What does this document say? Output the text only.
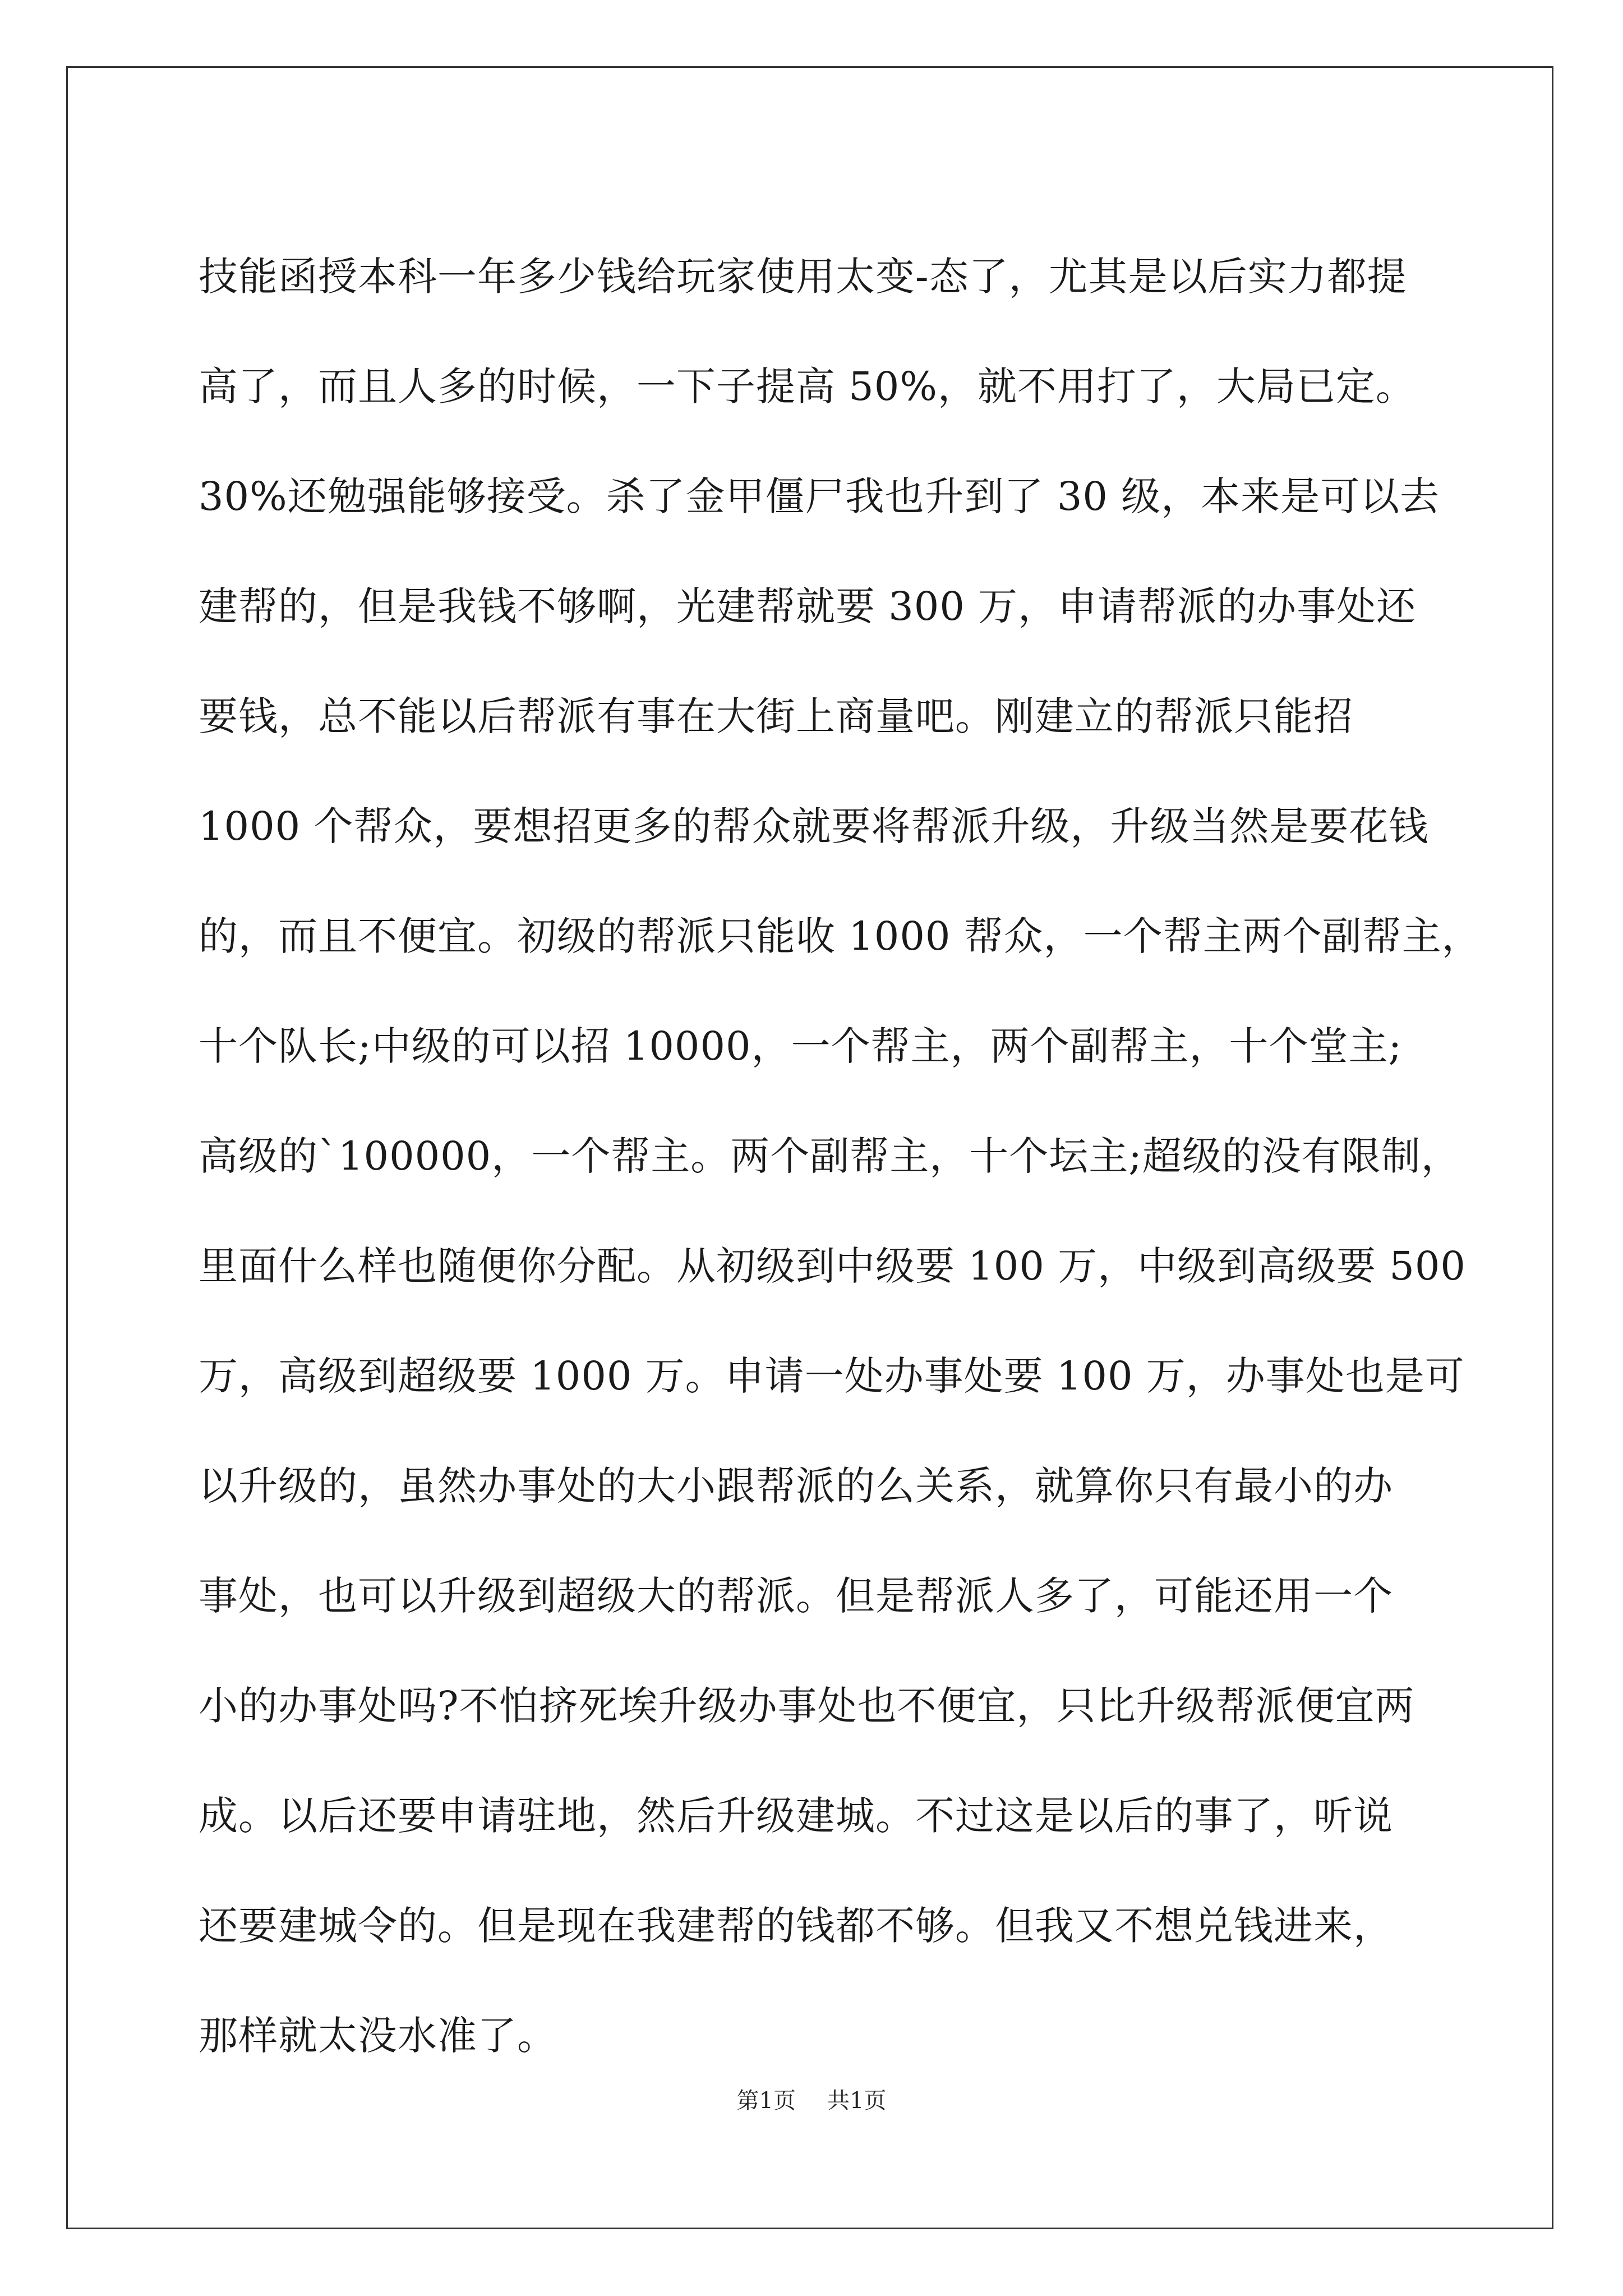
技能函授本科一年多少钱给玩家使用太变-态了，尤其是以后实力都提
高了，而且人多的时候，一下子提高 50%，就不用打了，大局已定。
30%还勉强能够接受。杀了金甲僵尸我也升到了 30 级，本来是可以去
建帮的，但是我钱不够啊，光建帮就要 300 万，申请帮派的办事处还
要钱，总不能以后帮派有事在大街上商量吧。刚建立的帮派只能招
1000 个帮众，要想招更多的帮众就要将帮派升级，升级当然是要花钱
的，而且不便宜。初级的帮派只能收 1000 帮众，一个帮主两个副帮主，
十个队长;中级的可以招 10000，一个帮主，两个副帮主，十个堂主;
高级的`100000，一个帮主。两个副帮主，十个坛主;超级的没有限制，
里面什么样也随便你分配。从初级到中级要 100 万，中级到高级要 500
万，高级到超级要 1000 万。申请一处办事处要 100 万，办事处也是可
以升级的，虽然办事处的大小跟帮派的么关系，就算你只有最小的办
事处，也可以升级到超级大的帮派。但是帮派人多了，可能还用一个
小的办事处吗?不怕挤死埃升级办事处也不便宜，只比升级帮派便宜两
成。以后还要申请驻地，然后升级建城。不过这是以后的事了，听说
还要建城令的。但是现在我建帮的钱都不够。但我又不想兑钱进来，
那样就太没水准了。
第1页 共1页
